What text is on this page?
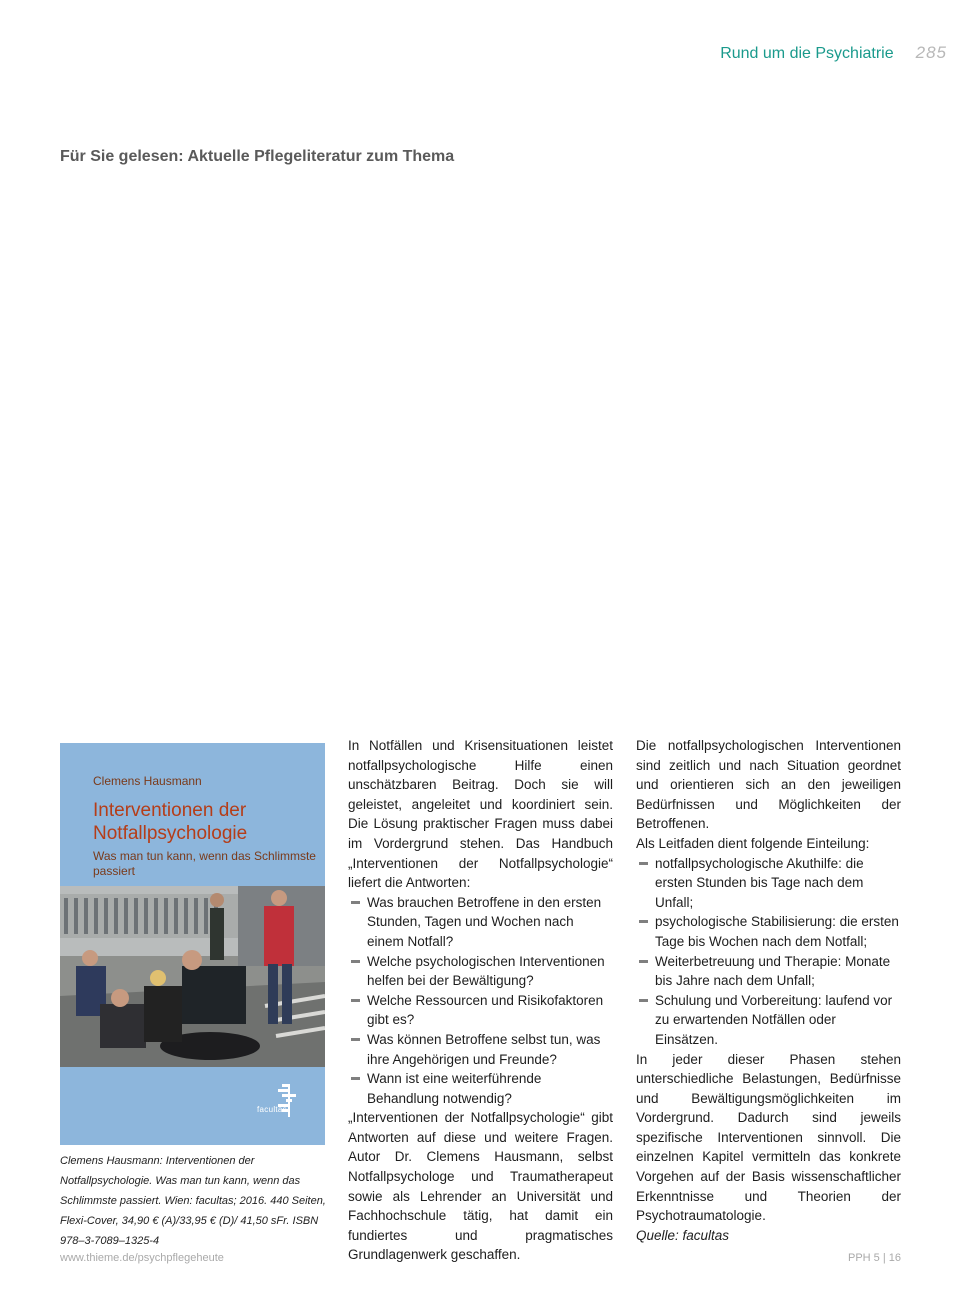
Rund um die Psychiatrie 285
Für Sie gelesen: Aktuelle Pflegeliteratur zum Thema
Clemens Hausmann
Interventionen der Notfallpsychologie
Was man tun kann, wenn das Schlimmste passiert
facultas
Clemens Hausmann: Interventionen der Notfallpsychologie. Was man tun kann, wenn das Schlimmste passiert. Wien: facultas; 2016. 440 Seiten, Flexi-Cover, 34,90 € (A)/33,95 € (D)/ 41,50 sFr. ISBN 978–3-7089–1325-4

In Notfällen und Krisensituationen leistet notfallpsychologische Hilfe einen unschätzbaren Beitrag. Doch sie will geleistet, angeleitet und koordiniert sein. Die Lösung praktischer Fragen muss dabei im Vordergrund stehen. Das Handbuch „Interventionen der Notfallpsychologie“ liefert die Antworten:

Was brauchen Betroffene in den ersten Stunden, Tagen und Wochen nach einem Notfall?
Welche psychologischen Interventionen helfen bei der Bewältigung?
Welche Ressourcen und Risikofaktoren gibt es?
Was können Betroffene selbst tun, was ihre Angehörigen und Freunde?
Wann ist eine weiterführende Behandlung notwendig?

„Interventionen der Notfallpsychologie“ gibt Antworten auf diese und weitere Fragen. Autor Dr. Clemens Hausmann, selbst Notfallpsychologe und Traumatherapeut sowie als Lehrender an Universität und Fachhochschule tätig, hat damit ein fundiertes und pragmatisches Grundlagenwerk geschaffen.

Die notfallpsychologischen Interventionen sind zeitlich und nach Situation geordnet und orientieren sich an den jeweiligen Bedürfnissen und Möglichkeiten der Betroffenen.

Als Leitfaden dient folgende Einteilung:

notfallpsychologische Akuthilfe: die ersten Stunden bis Tage nach dem Unfall;
psychologische Stabilisierung: die ersten Tage bis Wochen nach dem Notfall;
Weiterbetreuung und Therapie: Monate bis Jahre nach dem Unfall;
Schulung und Vorbereitung: laufend vor zu erwartenden Notfällen oder Einsätzen.

In jeder dieser Phasen stehen unterschiedliche Belastungen, Bedürfnisse und Bewältigungsmöglichkeiten im Vordergrund. Dadurch sind jeweils spezifische Interventionen sinnvoll. Die einzelnen Kapitel vermitteln das konkrete Vorgehen auf der Basis wissenschaftlicher Erkenntnisse und Theorien der Psychotraumatologie.

Quelle: facultas

www.thieme.de/psychpflegeheute	PPH 5 | 16
